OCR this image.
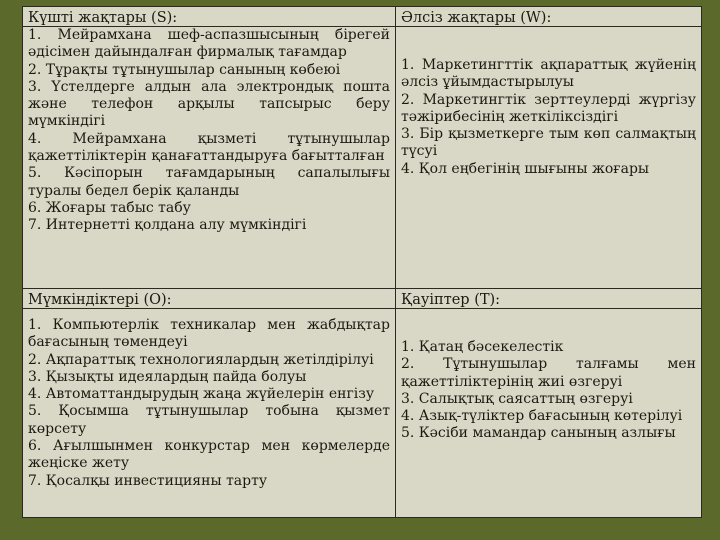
Күшті жақтары (S):

1. Мейрамхана шеф-аспазшысының бірегей әдісімен дайындалған фирмалық тағамдар

2. Тұрақты тұтынушылар санының көбеюі

3. Үстелдерге алдын ала электрондық пошта және телефон арқылы тапсырыс беру мүмкіндігі

4. Мейрамхана қызметі тұтынушылар қажеттіліктерін қанағаттандыруға бағытталған

5. Кәсіпорын тағамдарының сапалылығы туралы бедел берік қаланды

6. Жоғары табыс табу

7. Интернетті қолдана алу мүмкіндігі

Әлсіз жақтары (W):

1. Маркетингттік ақпараттық жүйенің әлсіз ұйымдастырылуы

2. Маркетингтік зерттеулерді жүргізу тәжірибесінің жеткіліксіздігі

3. Бір қызметкерге тым көп салмақтың түсуі

4. Қол еңбегінің шығыны жоғары

Мүмкіндіктері (O):

1. Компьютерлік техникалар мен жабдықтар бағасының төмендеуі

2. Ақпараттық технологиялардың жетілдірілуі

3. Қызықты идеялардың пайда болуы

4. Автоматтандырудың жаңа жүйелерін енгізу

5. Қосымша тұтынушылар тобына қызмет көрсету

6. Ағылшынмен конкурстар мен көрмелерде жеңіске жету

7. Қосалқы инвестицияны тарту

Қауіптер (T):

1. Қатаң бәсекелестік

2. Тұтынушылар талғамы мен қажеттіліктерінің жиі өзгеруі

3. Салықтық саясаттың өзгеруі

4. Азық-түліктер бағасының көтерілуі

5. Кәсіби мамандар санының азлығы
